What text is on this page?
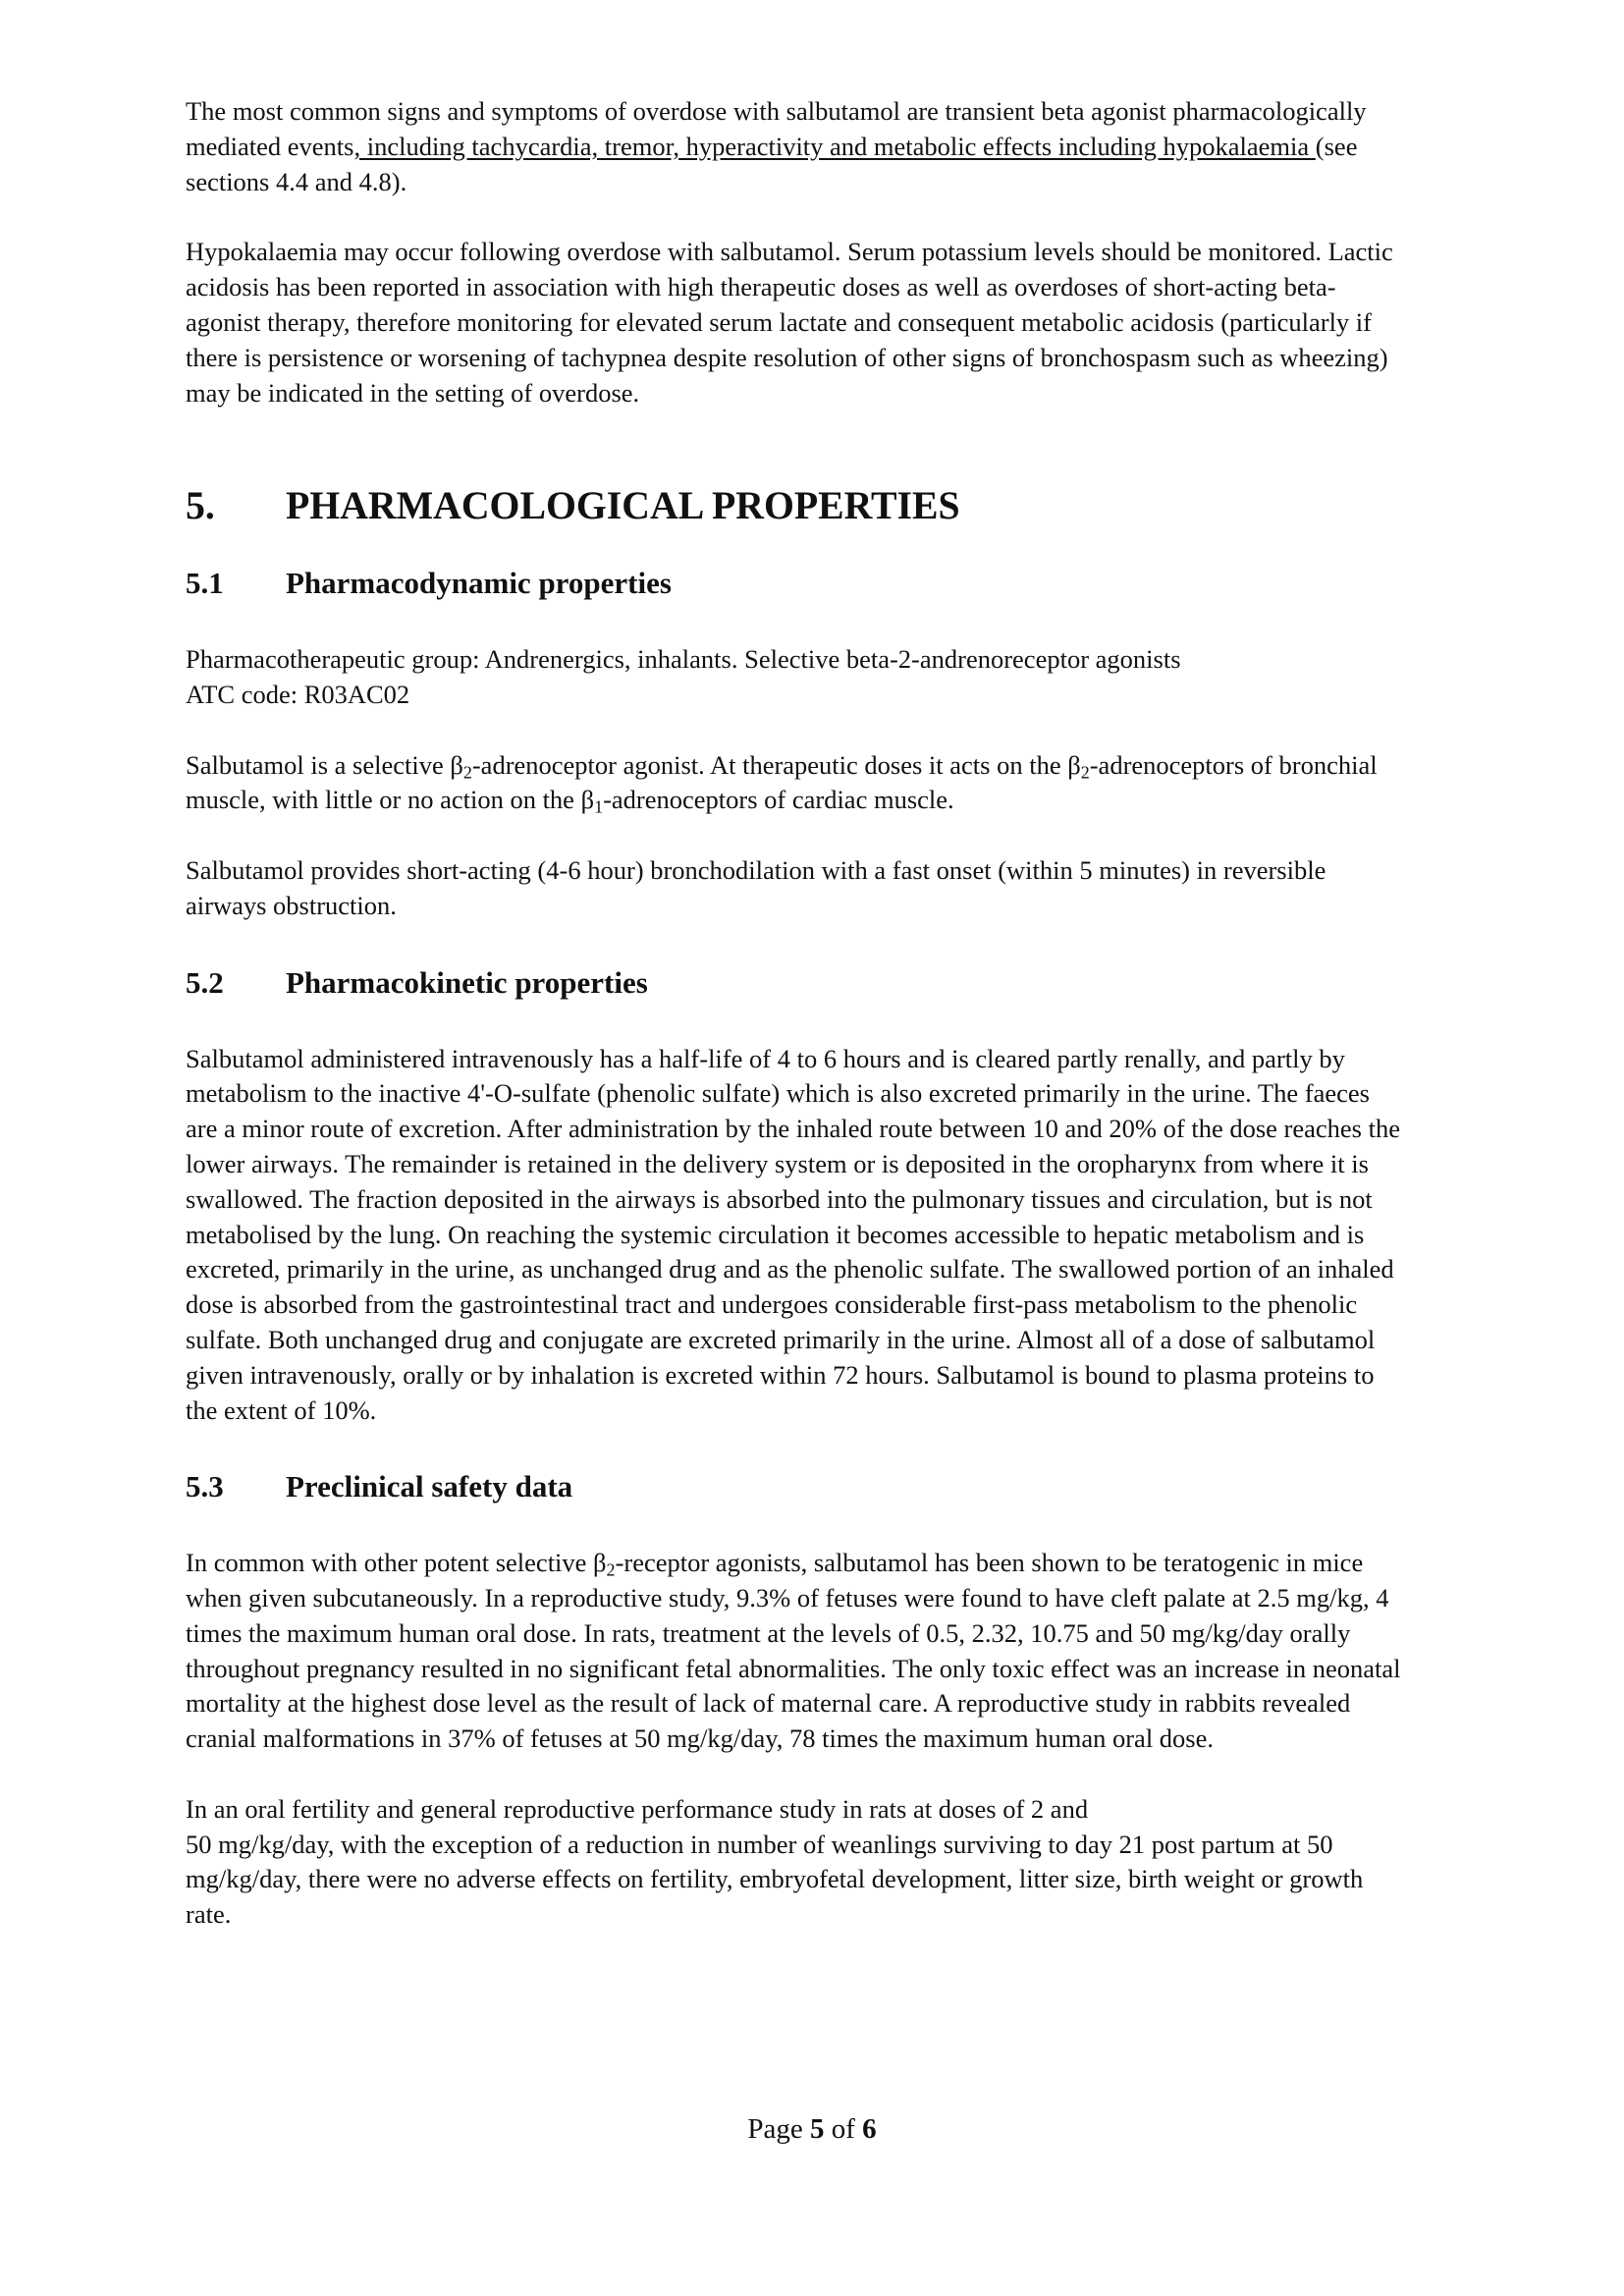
The most common signs and symptoms of overdose with salbutamol are transient beta agonist pharmacologically mediated events, including tachycardia, tremor, hyperactivity and metabolic effects including hypokalaemia (see sections 4.4 and 4.8).

Hypokalaemia may occur following overdose with salbutamol. Serum potassium levels should be monitored. Lactic acidosis has been reported in association with high therapeutic doses as well as overdoses of short-acting beta-agonist therapy, therefore monitoring for elevated serum lactate and consequent metabolic acidosis (particularly if there is persistence or worsening of tachypnea despite resolution of other signs of bronchospasm such as wheezing) may be indicated in the setting of overdose.

5.	PHARMACOLOGICAL PROPERTIES
5.1	Pharmacodynamic properties

Pharmacotherapeutic group: Andrenergics, inhalants. Selective beta-2-andrenoreceptor agonists

ATC code: R03AC02

Salbutamol is a selective $\beta_2$-adrenoceptor agonist. At therapeutic doses it acts on the $\beta_2$-adrenoceptors of bronchial muscle, with little or no action on the $\beta_1$-adrenoceptors of cardiac muscle.

Salbutamol provides short-acting (4-6 hour) bronchodilation with a fast onset (within 5 minutes) in reversible airways obstruction.

5.2	Pharmacokinetic properties

Salbutamol administered intravenously has a half-life of 4 to 6 hours and is cleared partly renally, and partly by metabolism to the inactive 4'-O-sulfate (phenolic sulfate) which is also excreted primarily in the urine. The faeces are a minor route of excretion. After administration by the inhaled route between 10 and 20% of the dose reaches the lower airways. The remainder is retained in the delivery system or is deposited in the oropharynx from where it is swallowed. The fraction deposited in the airways is absorbed into the pulmonary tissues and circulation, but is not metabolised by the lung. On reaching the systemic circulation it becomes accessible to hepatic metabolism and is excreted, primarily in the urine, as unchanged drug and as the phenolic sulfate. The swallowed portion of an inhaled dose is absorbed from the gastrointestinal tract and undergoes considerable first-pass metabolism to the phenolic sulfate. Both unchanged drug and conjugate are excreted primarily in the urine. Almost all of a dose of salbutamol given intravenously, orally or by inhalation is excreted within 72 hours. Salbutamol is bound to plasma proteins to the extent of 10%.

5.3	Preclinical safety data

In common with other potent selective $\beta_2$-receptor agonists, salbutamol has been shown to be teratogenic in mice when given subcutaneously. In a reproductive study, 9.3% of fetuses were found to have cleft palate at 2.5 mg/kg, 4 times the maximum human oral dose. In rats, treatment at the levels of 0.5, 2.32, 10.75 and 50 mg/kg/day orally throughout pregnancy resulted in no significant fetal abnormalities. The only toxic effect was an increase in neonatal mortality at the highest dose level as the result of lack of maternal care. A reproductive study in rabbits revealed cranial malformations in 37% of fetuses at 50 mg/kg/day, 78 times the maximum human oral dose.

In an oral fertility and general reproductive performance study in rats at doses of 2 and
50 mg/kg/day, with the exception of a reduction in number of weanlings surviving to day 21 post partum at 50 mg/kg/day, there were no adverse effects on fertility, embryofetal development, litter size, birth weight or growth rate.

Page 5 of 6
